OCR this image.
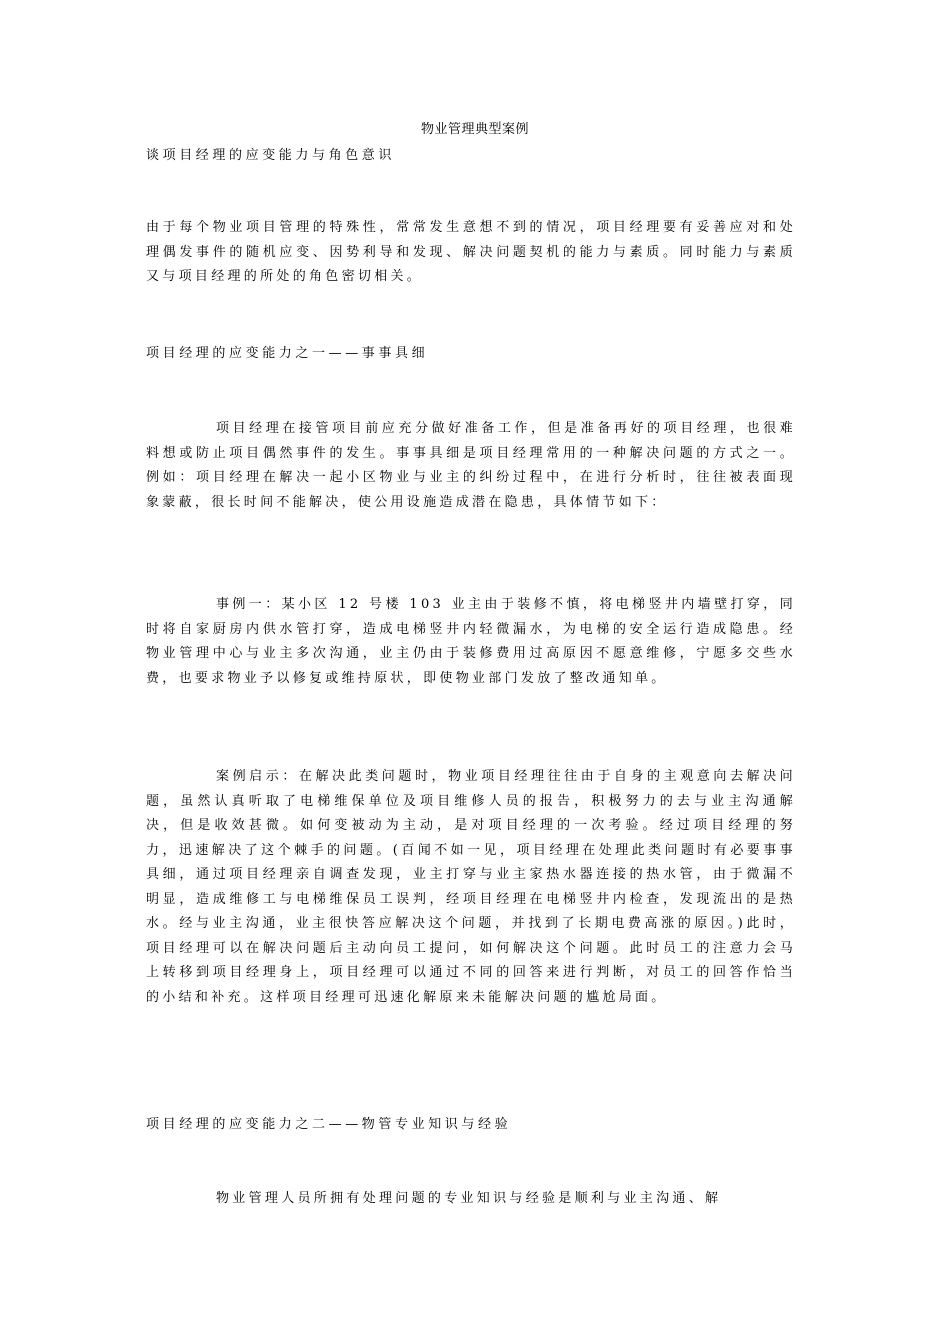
物业管理典型案例
谈项目经理的应变能力与角色意识
由于每个物业项目管理的特殊性，常常发生意想不到的情况，项目经理要有妥善应对和处理偶发事件的随机应变、因势利导和发现、解决问题契机的能力与素质。同时能力与素质又与项目经理的所处的角色密切相关。
项目经理的应变能力之一——事事具细
项目经理在接管项目前应充分做好准备工作，但是准备再好的项目经理，也很难料想或防止项目偶然事件的发生。事事具细是项目经理常用的一种解决问题的方式之一。例如：项目经理在解决一起小区物业与业主的纠纷过程中，在进行分析时，往往被表面现象蒙蔽，很长时间不能解决，使公用设施造成潜在隐患，具体情节如下：
事例一：某小区 12 号楼 103 业主由于装修不慎，将电梯竖井内墙壁打穿，同时将自家厨房内供水管打穿，造成电梯竖井内轻微漏水，为电梯的安全运行造成隐患。经物业管理中心与业主多次沟通，业主仍由于装修费用过高原因不愿意维修，宁愿多交些水费，也要求物业予以修复或维持原状，即使物业部门发放了整改通知单。
案例启示：在解决此类问题时，物业项目经理往往由于自身的主观意向去解决问题，虽然认真听取了电梯维保单位及项目维修人员的报告，积极努力的去与业主沟通解决，但是收效甚微。如何变被动为主动，是对项目经理的一次考验。经过项目经理的努力，迅速解决了这个棘手的问题。(百闻不如一见，项目经理在处理此类问题时有必要事事具细，通过项目经理亲自调查发现，业主打穿与业主家热水器连接的热水管，由于微漏不明显，造成维修工与电梯维保员工误判，经项目经理在电梯竖井内检查，发现流出的是热水。经与业主沟通，业主很快答应解决这个问题，并找到了长期电费高涨的原因。)此时，项目经理可以在解决问题后主动向员工提问，如何解决这个问题。此时员工的注意力会马上转移到项目经理身上，项目经理可以通过不同的回答来进行判断，对员工的回答作恰当的小结和补充。这样项目经理可迅速化解原来未能解决问题的尴尬局面。
项目经理的应变能力之二——物管专业知识与经验
物业管理人员所拥有处理问题的专业知识与经验是顺利与业主沟通、解
